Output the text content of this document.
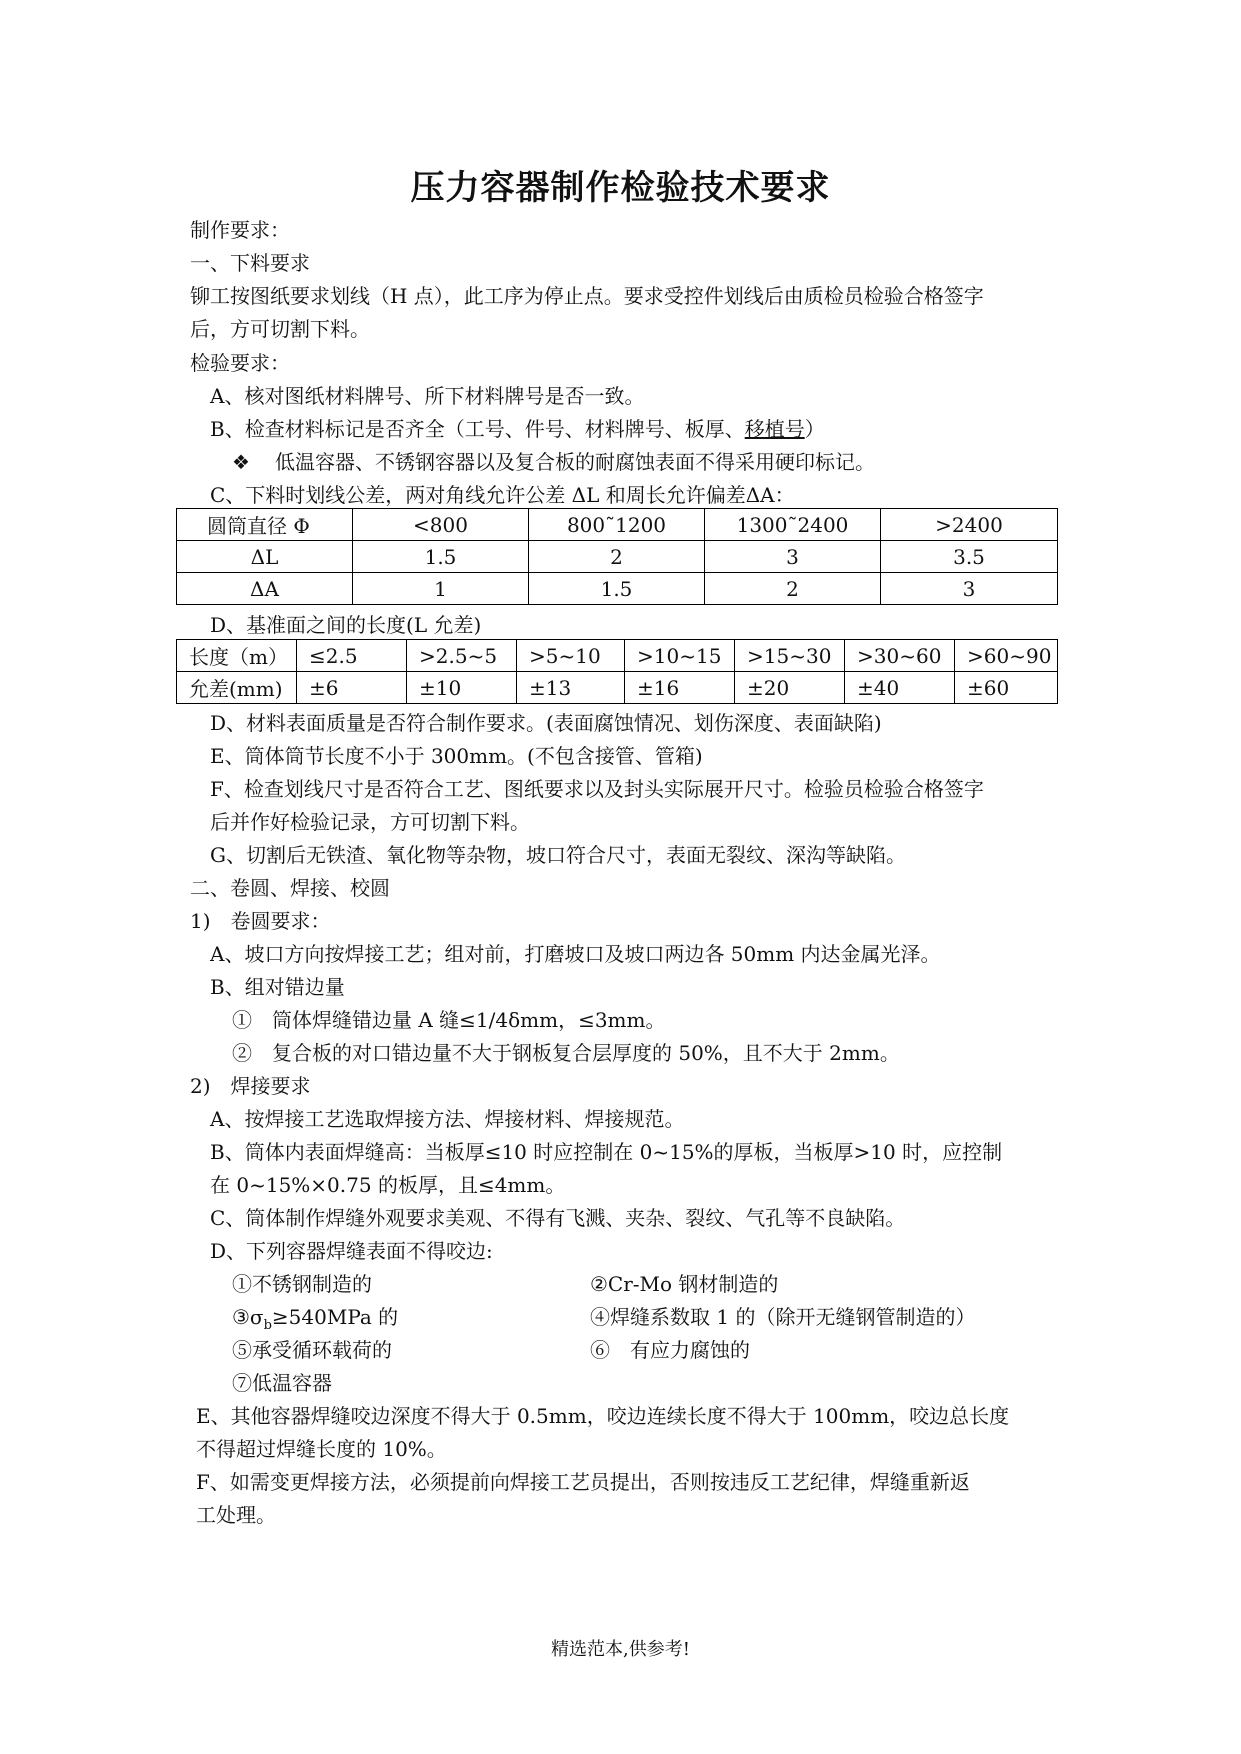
压力容器制作检验技术要求
制作要求：
一、下料要求
铆工按图纸要求划线（H 点），此工序为停止点。要求受控件划线后由质检员检验合格签字
后，方可切割下料。
检验要求：
A、核对图纸材料牌号、所下材料牌号是否一致。
B、检查材料标记是否齐全（工号、件号、材料牌号、板厚、移植号）
❖ 低温容器、不锈钢容器以及复合板的耐腐蚀表面不得采用硬印标记。
C、下料时划线公差，两对角线允许公差 ΔL 和周长允许偏差ΔA：
圆筒直径 Φ	<800	800˜1200	1300˜2400	>2400
ΔL	1.5	2	3	3.5
ΔA	1	1.5	2	3
D、基准面之间的长度(L 允差)
长度（m）	≤2.5	>2.5~5	>5~10	>10~15	>15~30	>30~60	>60~90
允差(mm)	±6	±10	±13	±16	±20	±40	±60
D、材料表面质量是否符合制作要求。(表面腐蚀情况、划伤深度、表面缺陷)
E、筒体筒节长度不小于 300mm。(不包含接管、管箱)
F、检查划线尺寸是否符合工艺、图纸要求以及封头实际展开尺寸。检验员检验合格签字
后并作好检验记录，方可切割下料。
G、切割后无铁渣、氧化物等杂物，坡口符合尺寸，表面无裂纹、深沟等缺陷。
二、卷圆、焊接、校圆
1)　卷圆要求：
A、坡口方向按焊接工艺；组对前，打磨坡口及坡口两边各 50mm 内达金属光泽。
B、组对错边量
①　筒体焊缝错边量 A 缝≤1/4δmm，≤3mm。
②　复合板的对口错边量不大于钢板复合层厚度的 50%，且不大于 2mm。
2)　焊接要求
A、按焊接工艺选取焊接方法、焊接材料、焊接规范。
B、筒体内表面焊缝高：当板厚≤10 时应控制在 0~15%的厚板，当板厚>10 时，应控制
在 0~15%×0.75 的板厚，且≤4mm。
C、筒体制作焊缝外观要求美观、不得有飞溅、夹杂、裂纹、气孔等不良缺陷。
D、下列容器焊缝表面不得咬边:
①不锈钢制造的	②Cr-Mo 钢材制造的
$③\sigma_b\ge 540MPa$ 的	④焊缝系数取 1 的（除开无缝钢管制造的）
⑤承受循环载荷的	⑥　有应力腐蚀的
⑦低温容器
E、其他容器焊缝咬边深度不得大于 0.5mm，咬边连续长度不得大于 100mm，咬边总长度
不得超过焊缝长度的 10%。
F、如需变更焊接方法，必须提前向焊接工艺员提出，否则按违反工艺纪律，焊缝重新返
工处理。
精选范本,供参考!
